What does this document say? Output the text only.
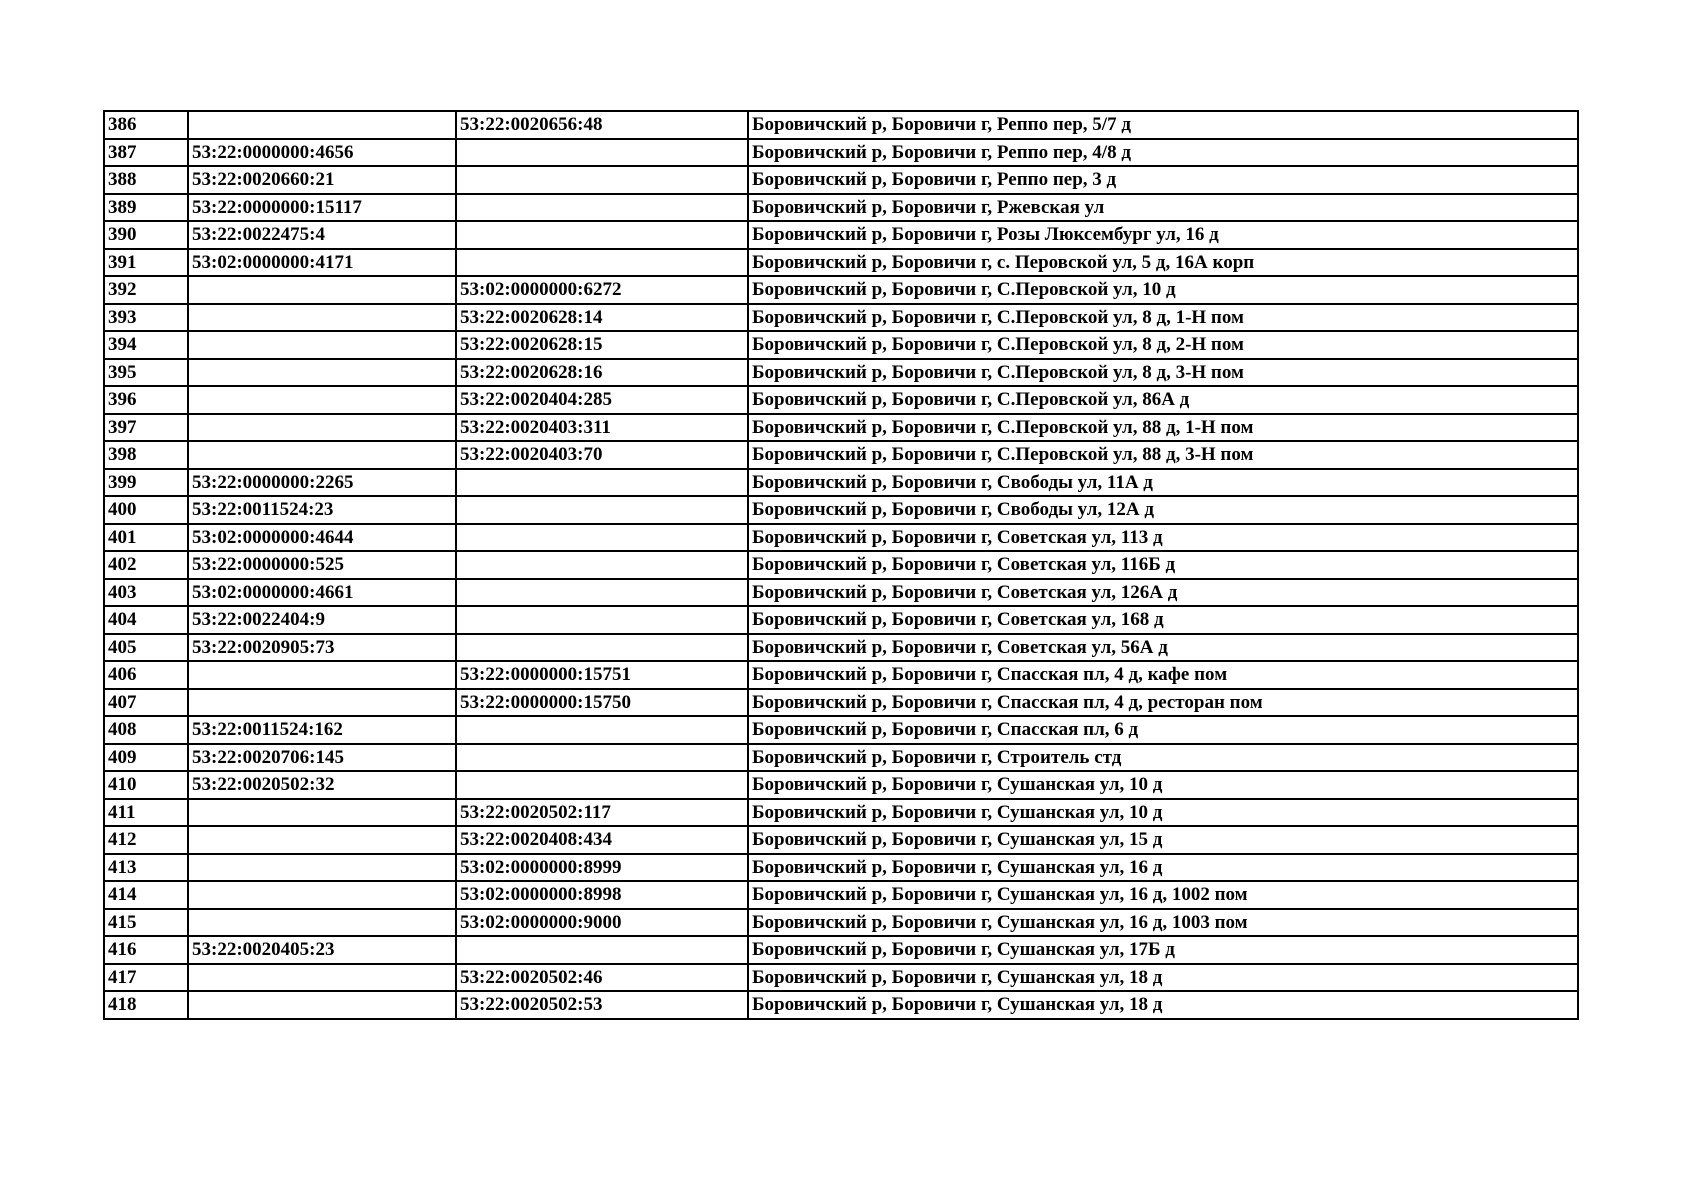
386		53:22:0020656:48	Боровичский р, Боровичи г, Реппо пер, 5/7 д
387	53:22:0000000:4656		Боровичский р, Боровичи г, Реппо пер, 4/8 д
388	53:22:0020660:21		Боровичский р, Боровичи г, Реппо пер, 3 д
389	53:22:0000000:15117		Боровичский р, Боровичи г, Ржевская ул
390	53:22:0022475:4		Боровичский р, Боровичи г, Розы Люксембург ул, 16 д
391	53:02:0000000:4171		Боровичский р, Боровичи г, с. Перовской ул, 5 д, 16А корп
392		53:02:0000000:6272	Боровичский р, Боровичи г, С.Перовской ул, 10 д
393		53:22:0020628:14	Боровичский р, Боровичи г, С.Перовской ул, 8 д, 1-Н пом
394		53:22:0020628:15	Боровичский р, Боровичи г, С.Перовской ул, 8 д, 2-Н пом
395		53:22:0020628:16	Боровичский р, Боровичи г, С.Перовской ул, 8 д, 3-Н пом
396		53:22:0020404:285	Боровичский р, Боровичи г, С.Перовской ул, 86А д
397		53:22:0020403:311	Боровичский р, Боровичи г, С.Перовской ул, 88 д, 1-Н пом
398		53:22:0020403:70	Боровичский р, Боровичи г, С.Перовской ул, 88 д, 3-Н пом
399	53:22:0000000:2265		Боровичский р, Боровичи г, Свободы ул, 11А д
400	53:22:0011524:23		Боровичский р, Боровичи г, Свободы ул, 12А д
401	53:02:0000000:4644		Боровичский р, Боровичи г, Советская ул, 113 д
402	53:22:0000000:525		Боровичский р, Боровичи г, Советская ул, 116Б д
403	53:02:0000000:4661		Боровичский р, Боровичи г, Советская ул, 126А д
404	53:22:0022404:9		Боровичский р, Боровичи г, Советская ул, 168 д
405	53:22:0020905:73		Боровичский р, Боровичи г, Советская ул, 56А д
406		53:22:0000000:15751	Боровичский р, Боровичи г, Спасская пл, 4 д, кафе пом
407		53:22:0000000:15750	Боровичский р, Боровичи г, Спасская пл, 4 д, ресторан пом
408	53:22:0011524:162		Боровичский р, Боровичи г, Спасская пл, 6 д
409	53:22:0020706:145		Боровичский р, Боровичи г, Строитель стд
410	53:22:0020502:32		Боровичский р, Боровичи г, Сушанская ул, 10 д
411		53:22:0020502:117	Боровичский р, Боровичи г, Сушанская ул, 10 д
412		53:22:0020408:434	Боровичский р, Боровичи г, Сушанская ул, 15 д
413		53:02:0000000:8999	Боровичский р, Боровичи г, Сушанская ул, 16 д
414		53:02:0000000:8998	Боровичский р, Боровичи г, Сушанская ул, 16 д, 1002 пом
415		53:02:0000000:9000	Боровичский р, Боровичи г, Сушанская ул, 16 д, 1003 пом
416	53:22:0020405:23		Боровичский р, Боровичи г, Сушанская ул, 17Б д
417		53:22:0020502:46	Боровичский р, Боровичи г, Сушанская ул, 18 д
418		53:22:0020502:53	Боровичский р, Боровичи г, Сушанская ул, 18 д
